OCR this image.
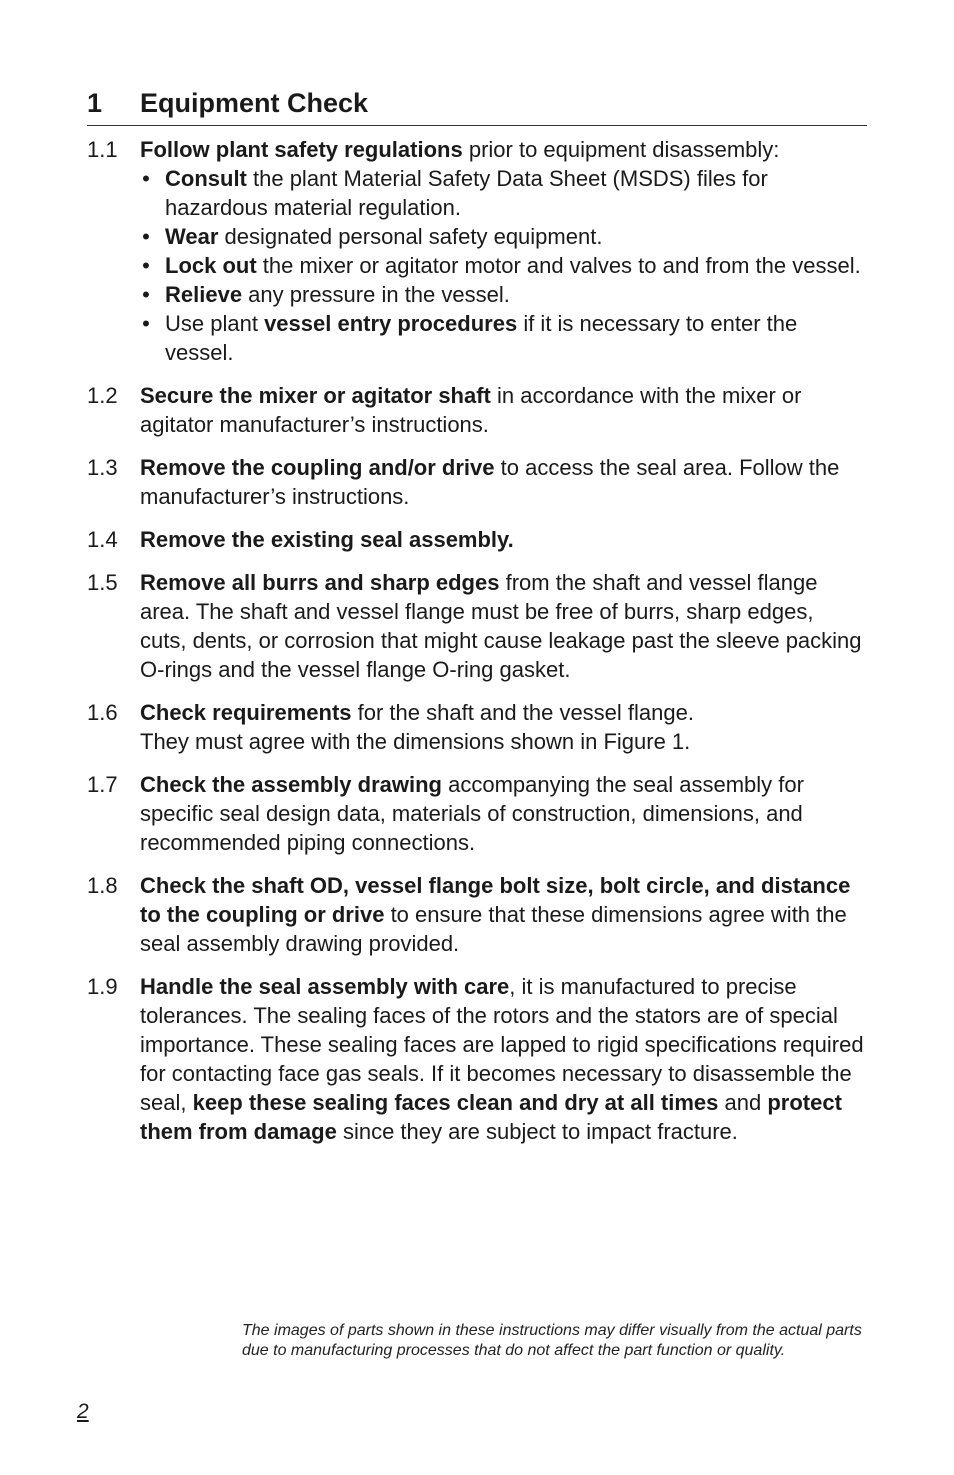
1 Equipment Check
1.1	Follow plant safety regulations prior to equipment disassembly:
• Consult the plant Material Safety Data Sheet (MSDS) files for hazardous material regulation.
• Wear designated personal safety equipment.
• Lock out the mixer or agitator motor and valves to and from the vessel.
• Relieve any pressure in the vessel.
• Use plant vessel entry procedures if it is necessary to enter the vessel.
1.2	Secure the mixer or agitator shaft in accordance with the mixer or agitator manufacturer’s instructions.
1.3	Remove the coupling and/or drive to access the seal area. Follow the manufacturer’s instructions.
1.4	Remove the existing seal assembly.
1.5	Remove all burrs and sharp edges from the shaft and vessel flange area. The shaft and vessel flange must be free of burrs, sharp edges, cuts, dents, or corrosion that might cause leakage past the sleeve packing O-rings and the vessel flange O-ring gasket.
1.6	Check requirements for the shaft and the vessel flange.
They must agree with the dimensions shown in Figure 1.
1.7	Check the assembly drawing accompanying the seal assembly for specific seal design data, materials of construction, dimensions, and recommended piping connections.
1.8	Check the shaft OD, vessel flange bolt size, bolt circle, and distance to the coupling or drive to ensure that these dimensions agree with the seal assembly drawing provided.
1.9	Handle the seal assembly with care, it is manufactured to precise tolerances. The sealing faces of the rotors and the stators are of special importance. These sealing faces are lapped to rigid specifications required for contacting face gas seals. If it becomes necessary to disassemble the seal, keep these sealing faces clean and dry at all times and protect them from damage since they are subject to impact fracture.
The images of parts shown in these instructions may differ visually from the actual parts due to manufacturing processes that do not affect the part function or quality.
2
